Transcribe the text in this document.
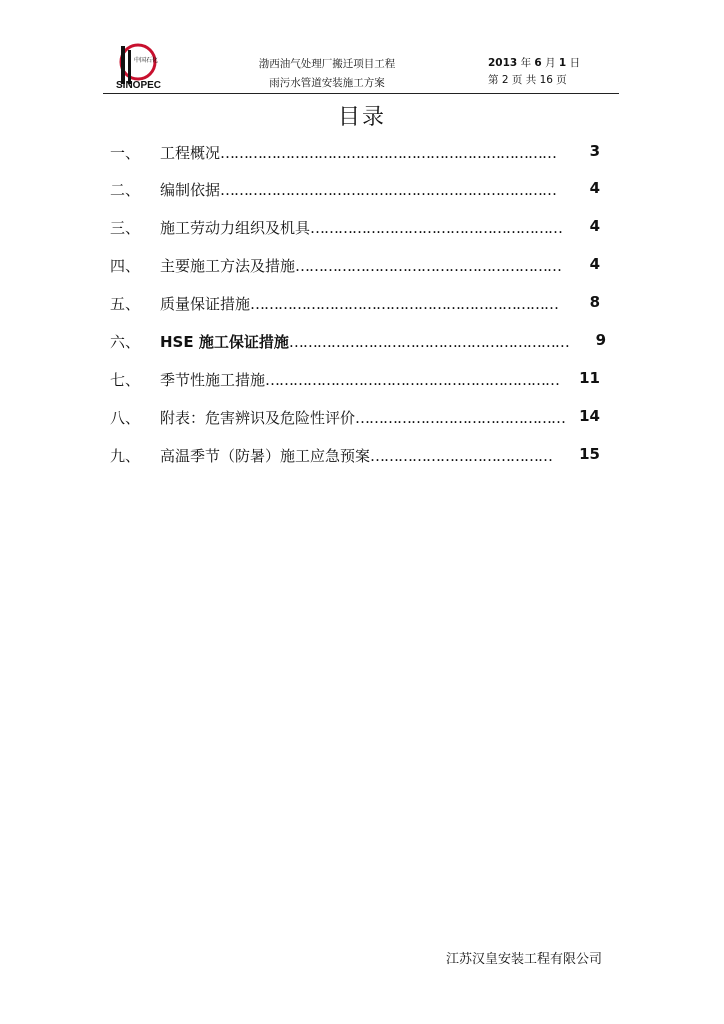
中国石化
SINOPEC
渤西油气处理厂搬迁项目工程
雨污水管道安装施工方案
2013 年 6 月 1 日
第 2 页 共 16 页
目录
一、 工程概况……………………………………………………………… 3
二、 编制依据……………………………………………………………… 4
三、 施工劳动力组织及机具……………………………………………… 4
四、 主要施工方法及措施………………………………………………… 4
五、 质量保证措施………………………………………………………… 8
六、 HSE 施工保证措施…………………………………………………… 9
七、 季节性施工措施……………………………………………………… 11
八、 附表：危害辨识及危险性评价……………………………………… 14
九、 高温季节（防暑）施工应急预案………………………………… 15
江苏汉皇安装工程有限公司
